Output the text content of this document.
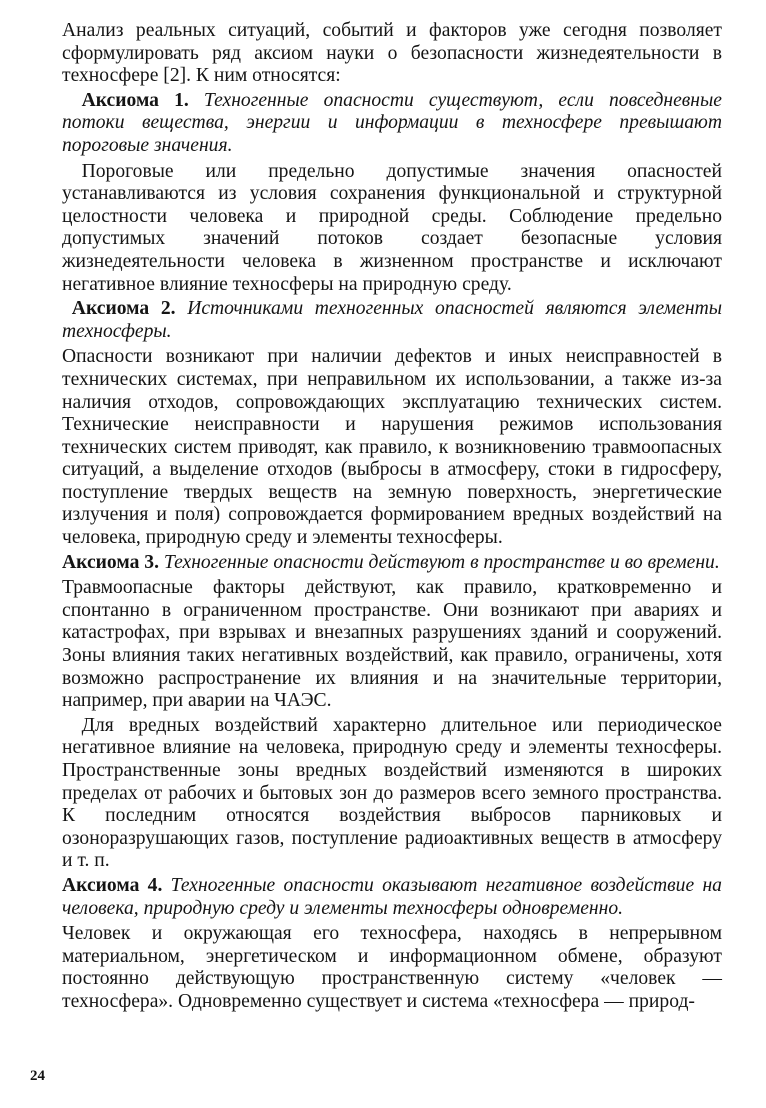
Анализ реальных ситуаций, событий и факторов уже сегодня позволяет сформулировать ряд аксиом науки о безопасности жизнедеятельности в техносфере [2]. К ним относятся:

 Аксиома 1. Техногенные опасности существуют, если повседневные потоки вещества, энергии и информации в техносфере превышают пороговые значения.

 Пороговые или предельно допустимые значения опасностей устанавливаются из условия сохранения функциональной и структурной целостности человека и природной среды. Соблюдение предельно допустимых значений потоков создает безопасные условия жизнедеятельности человека в жизненном пространстве и исключают негативное влияние техносферы на природную среду.

 Аксиома 2. Источниками техногенных опасностей являются элементы техносферы.

Опасности возникают при наличии дефектов и иных неисправностей в технических системах, при неправильном их использовании, а также из-за наличия отходов, сопровождающих эксплуатацию технических систем. Технические неисправности и нарушения режимов использования технических систем приводят, как правило, к возникновению травмоопасных ситуаций, а выделение отходов (выбросы в атмосферу, стоки в гидросферу, поступление твердых веществ на земную поверхность, энергетические излучения и поля) сопровождается формированием вредных воздействий на человека, природную среду и элементы техносферы.

Аксиома 3. Техногенные опасности действуют в пространстве и во времени.

Травмоопасные факторы действуют, как правило, кратковременно и спонтанно в ограниченном пространстве. Они возникают при авариях и катастрофах, при взрывах и внезапных разрушениях зданий и сооружений. Зоны влияния таких негативных воздействий, как правило, ограничены, хотя возможно распространение их влияния и на значительные территории, например, при аварии на ЧАЭС.

 Для вредных воздействий характерно длительное или периодическое негативное влияние на человека, природную среду и элементы техносферы. Пространственные зоны вредных воздействий изменяются в широких пределах от рабочих и бытовых зон до размеров всего земного пространства. К последним относятся воздействия выбросов парниковых и озоноразрушающих газов, поступление радиоактивных веществ в атмосферу и т. п.

Аксиома 4. Техногенные опасности оказывают негативное воздействие на человека, природную среду и элементы техносферы одновременно.

Человек и окружающая его техносфера, находясь в непрерывном материальном, энергетическом и информационном обмене, образуют постоянно действующую пространственную систему «человек — техносфера». Одновременно существует и система «техносфера — природ-

24
